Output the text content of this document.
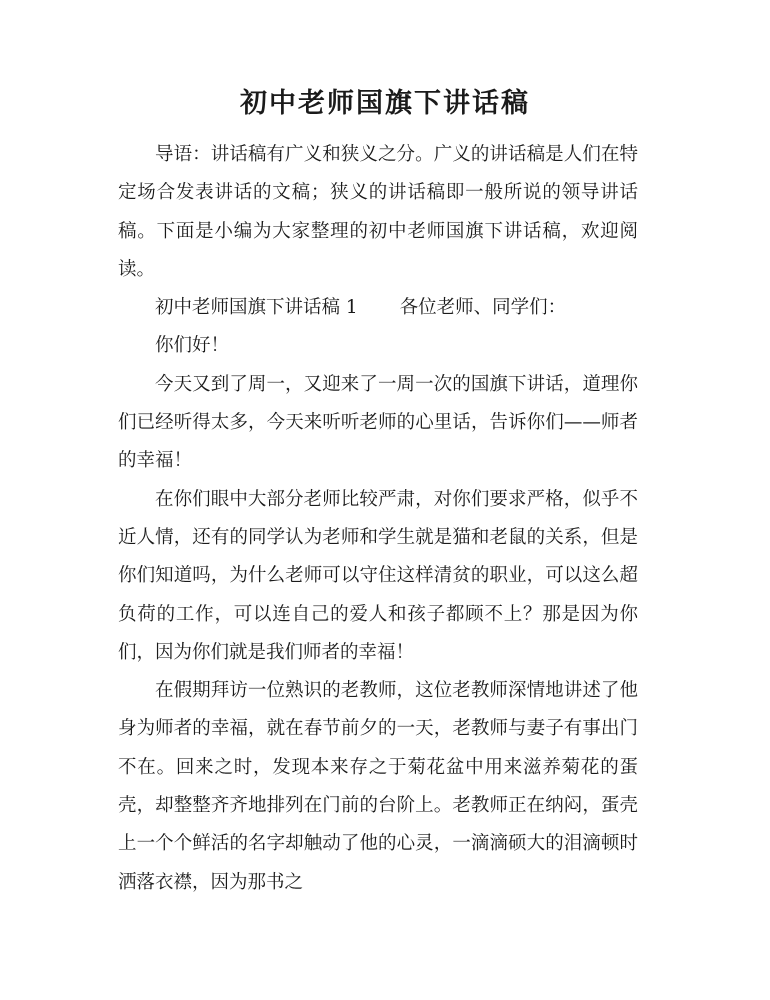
初中老师国旗下讲话稿

导语：讲话稿有广义和狭义之分。广义的讲话稿是人们在特定场合发表讲话的文稿；狭义的讲话稿即一般所说的领导讲话稿。下面是小编为大家整理的初中老师国旗下讲话稿，欢迎阅读。

初中老师国旗下讲话稿 1 各位老师、同学们：

你们好！

今天又到了周一，又迎来了一周一次的国旗下讲话，道理你们已经听得太多，今天来听听老师的心里话，告诉你们——师者的幸福！

在你们眼中大部分老师比较严肃，对你们要求严格，似乎不近人情，还有的同学认为老师和学生就是猫和老鼠的关系，但是你们知道吗，为什么老师可以守住这样清贫的职业，可以这么超负荷的工作，可以连自己的爱人和孩子都顾不上？那是因为你们，因为你们就是我们师者的幸福！

在假期拜访一位熟识的老教师，这位老教师深情地讲述了他身为师者的幸福，就在春节前夕的一天，老教师与妻子有事出门不在。回来之时，发现本来存之于菊花盆中用来滋养菊花的蛋壳，却整整齐齐地排列在门前的台阶上。老教师正在纳闷，蛋壳上一个个鲜活的名字却触动了他的心灵，一滴滴硕大的泪滴顿时洒落衣襟，因为那书之
